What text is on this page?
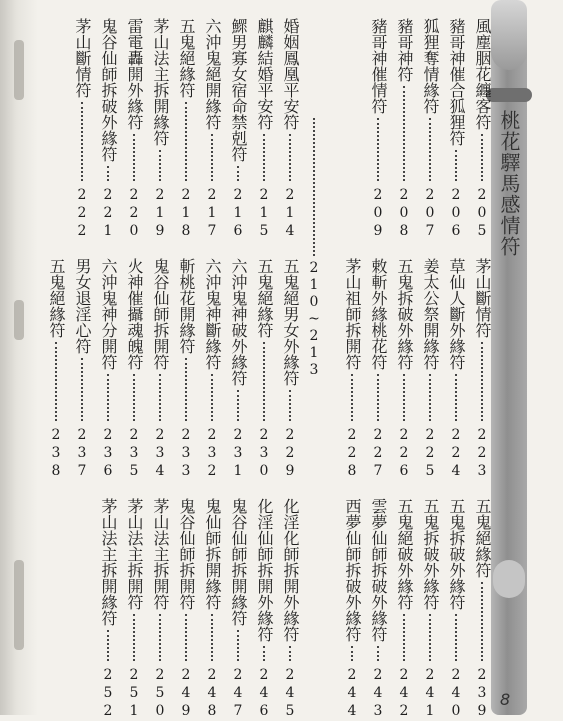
桃花驛馬感情符
風塵胭花纏客符
205
茅山斷情符
223
五鬼絕緣符
239
豬哥神催合狐狸符
206
草仙人斷外緣符
224
五鬼拆破外緣符
240
狐狸奪情緣符
207
姜太公祭開緣符
225
五鬼拆破外緣符
241
豬哥神符
208
五鬼拆破外緣符
226
五鬼絕破外緣符
242
豬哥神催情符
209
敕斬外緣桃花符
227
雲夢仙師拆破外緣符
243
茅山祖師拆開符
228
西夢仙師拆破外緣符
244
婚姻鳳凰平安符
214
五鬼絕男女外緣符
229
化淫化師拆開外緣符
245
麒麟結婚平安符
215
五鬼絕緣符
230
化淫仙師拆開外緣符
246
鰥男寡女宿命禁剋符
216
六沖鬼神破外緣符
231
鬼谷仙師拆開緣符
247
六沖鬼絕開緣符
217
六沖鬼神斷緣符
232
鬼仙師拆開緣符
248
五鬼絕緣符
218
斬桃花開緣符
233
鬼谷仙師拆開符
249
茅山法主拆開緣符
219
鬼谷仙師拆開符
234
茅山法主拆開符
250
雷電轟開外緣符
220
火神催攝魂魄符
235
茅山法主拆開符
251
鬼谷仙師拆破外緣符
221
六沖鬼神分開符
236
茅山法主拆開緣符
252
茅山斷情符
222
男女退淫心符
237
五鬼絕緣符
238
210~213
8
